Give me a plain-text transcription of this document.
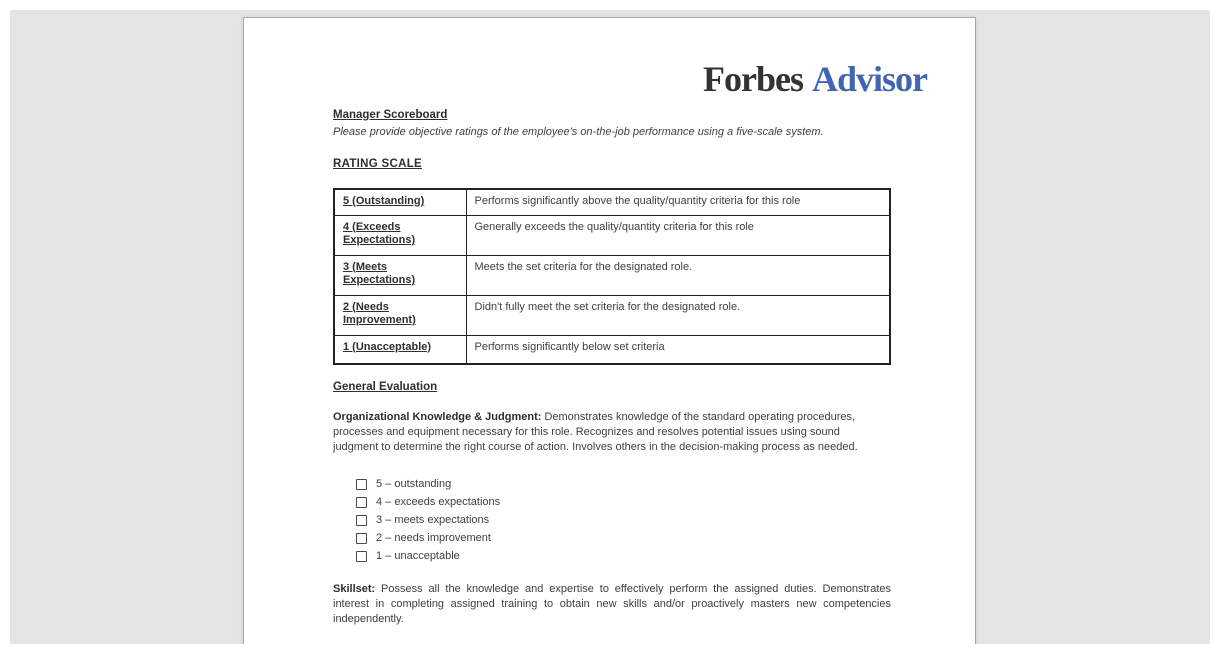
Forbes Advisor
Manager Scoreboard
Please provide objective ratings of the employee's on-the-job performance using a five-scale system.
RATING SCALE
5 (Outstanding)	Performs significantly above the quality/quantity criteria for this role
4 (Exceeds Expectations)	Generally exceeds the quality/quantity criteria for this role
3 (Meets Expectations)	Meets the set criteria for the designated role.
2 (Needs Improvement)	Didn't fully meet the set criteria for the designated role.
1 (Unacceptable)	Performs significantly below set criteria
General Evaluation

Organizational Knowledge & Judgment: Demonstrates knowledge of the standard operating procedures, processes and equipment necessary for this role. Recognizes and resolves potential issues using sound judgment to determine the right course of action. Involves others in the decision-making process as needed.

5 – outstanding
4 – exceeds expectations
3 – meets expectations
2 – needs improvement
1 – unacceptable

Skillset: Possess all the knowledge and expertise to effectively perform the assigned duties. Demonstrates interest in completing assigned training to obtain new skills and/or proactively masters new competencies independently.
